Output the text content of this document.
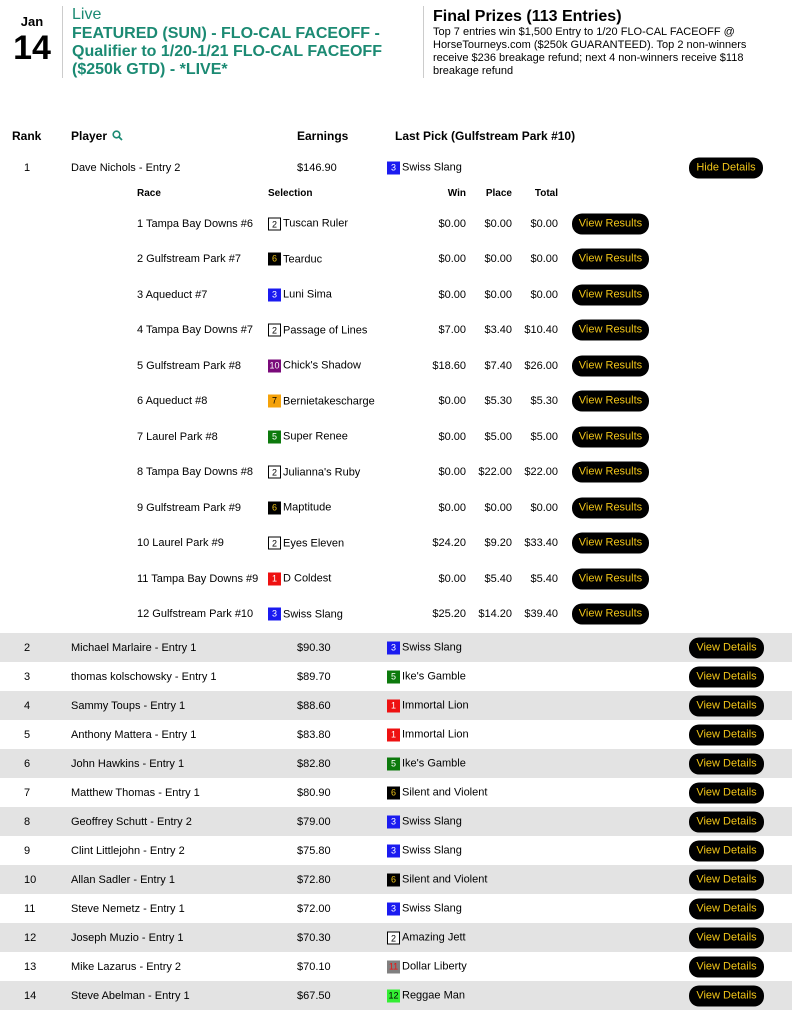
Jan
14
Live
FEATURED (SUN) - FLO-CAL FACEOFF - Qualifier to 1/20-1/21 FLO-CAL FACEOFF ($250k GTD) - *LIVE*
Final Prizes (113 Entries)
Top 7 entries win $1,500 Entry to 1/20 FLO-CAL FACEOFF @ HorseTourneys.com ($250k GUARANTEED). Top 2 non-winners receive $236 breakage refund; next 4 non-winners receive $118 breakage refund
Rank Player	Earnings	Last Pick (Gulfstream Park #10)
1	Dave Nichols - Entry 2	$146.90	3 Swiss Slang	Hide Details
Race	Selection	Win	Place	Total
1 Tampa Bay Downs #6	2 Tuscan Ruler	$0.00	$0.00	$0.00	View Results
2 Gulfstream Park #7	6 Tearduc	$0.00	$0.00	$0.00	View Results
3 Aqueduct #7	3 Luni Sima	$0.00	$0.00	$0.00	View Results
4 Tampa Bay Downs #7	2 Passage of Lines	$7.00	$3.40	$10.40	View Results
5 Gulfstream Park #8	10 Chick's Shadow	$18.60	$7.40	$26.00	View Results
6 Aqueduct #8	7 Bernietakescharge	$0.00	$5.30	$5.30	View Results
7 Laurel Park #8	5 Super Renee	$0.00	$5.00	$5.00	View Results
8 Tampa Bay Downs #8	2 Julianna's Ruby	$0.00	$22.00	$22.00	View Results
9 Gulfstream Park #9	6 Maptitude	$0.00	$0.00	$0.00	View Results
10 Laurel Park #9	2 Eyes Eleven	$24.20	$9.20	$33.40	View Results
11 Tampa Bay Downs #9	1 D Coldest	$0.00	$5.40	$5.40	View Results
12 Gulfstream Park #10	3 Swiss Slang	$25.20	$14.20	$39.40	View Results
2	Michael Marlaire - Entry 1	$90.30	3 Swiss Slang	View Details
3	thomas kolschowsky - Entry 1	$89.70	5 Ike's Gamble	View Details
4	Sammy Toups - Entry 1	$88.60	1 Immortal Lion	View Details
5	Anthony Mattera - Entry 1	$83.80	1 Immortal Lion	View Details
6	John Hawkins - Entry 1	$82.80	5 Ike's Gamble	View Details
7	Matthew Thomas - Entry 1	$80.90	6 Silent and Violent	View Details
8	Geoffrey Schutt - Entry 2	$79.00	3 Swiss Slang	View Details
9	Clint Littlejohn - Entry 2	$75.80	3 Swiss Slang	View Details
10	Allan Sadler - Entry 1	$72.80	6 Silent and Violent	View Details
11	Steve Nemetz - Entry 1	$72.00	3 Swiss Slang	View Details
12	Joseph Muzio - Entry 1	$70.30	2 Amazing Jett	View Details
13	Mike Lazarus - Entry 2	$70.10	11 Dollar Liberty	View Details
14	Steve Abelman - Entry 1	$67.50	12 Reggae Man	View Details
